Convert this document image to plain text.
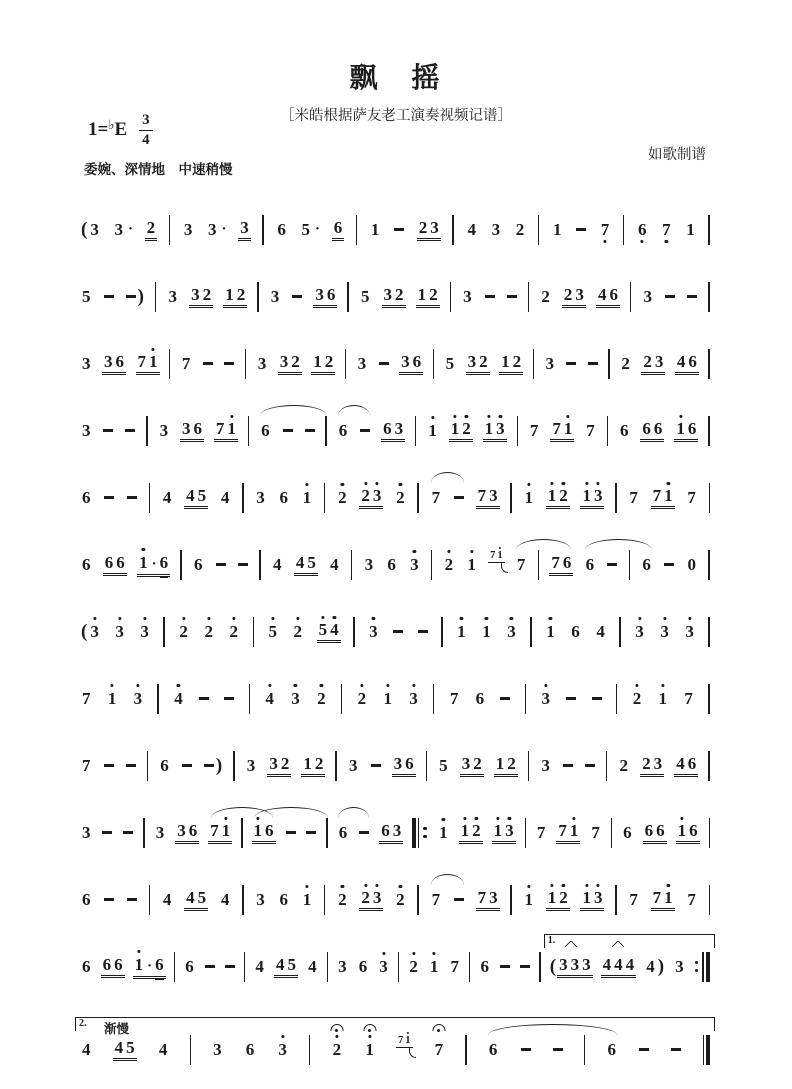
飘　摇
［米皓根据萨友老工演奏视频记谱］
$1=^♭E \frac{3}{4}$
如歌制谱
委婉、深情地　中速稍慢
( 3 3 · 2 3 3 · 3 6 5 · 6 1 2 3 4 3 2 1 7 6 7 1
5 ) 3 3 2 1 2 3 3 6 5 3 2 1 2 3	2 2 3 4 6 3
3 3 6 7 1 7	3 3 2 1 2 3 3 6 5 3 2 1 2 3	2 2 3 4 6
3	3 3 6 7 1 6	6 6 3 1 1 2 1 3 7 7 1 7 6 6 6 1 6
6	4 4 5 4 3 6 1 2 2 3 2 7 7 3 1 1 2 1 3 7 7 1 7
6 6 6 1 · 6 6	4 4 5 4 3 6 3 2 1 7 1 7 7 6 6	6 0
( 3 3 3 2 2 2 5 2 5 4 3	1 1 3 1 6 4 3 3 3
7 1 3 4	4 3 2 2 1 3 7 6	3	2 1 7
7	6 ) 3 3 2 1 2 3 3 6 5 3 2 1 2 3	2 2 3 4 6
3	3 3 6 7 1 1 6	6 6 3 1 1 2 1 3 7 7 1 7 6 6 6 1 6
6	4 4 5 4 3 6 1 2 2 3 2 7 7 3 1 1 2 1 3 7 7 1 7
6 6 6 1 · 6 6	4 4 5 4 3 6 3 2 1 7 6	( 3 3 3 4 4 4 4 ) 3
1.
4 4 5 4	3 6 3	2 1 7 1 7	6	6
2. 渐慢
